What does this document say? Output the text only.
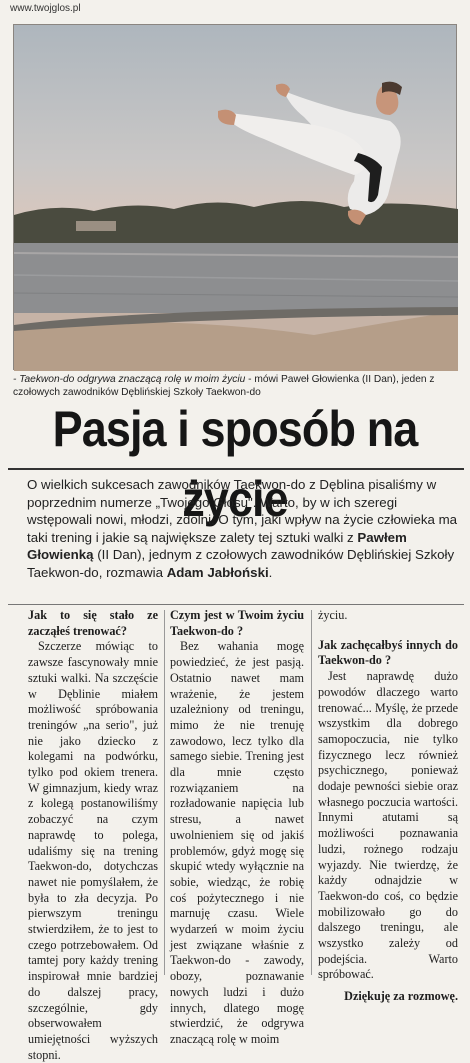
www.twojglos.pl
- Taekwon-do odgrywa znaczącą rolę w moim życiu - mówi Paweł Głowienka (II Dan), jeden z czołowych zawodników Dęblińskiej Szkoły Taekwon-do
Pasja i sposób na życie
O wielkich sukcesach zawodników Taekwon-do z Dęblina pisaliśmy w poprzednim numerze „Twojego Głosu". Warto, by w ich szeregi wstępowali nowi, młodzi, zdolni. O tym, jaki wpływ na życie człowieka ma taki trening i jakie są największe zalety tej sztuki walki z Pawłem Głowienką (II Dan), jednym z czołowych zawodników Dęblińskiej Szkoły Taekwon-do, rozmawia Adam Jabłoński.

Jak to się stało ze zacząłeś trenować?

Szczerze mówiąc to zawsze fascynowały mnie sztuki walki. Na szczęście w Dęblinie miałem możliwość spróbowania treningów „na serio", już nie jako dziecko z kolegami na podwórku, tylko pod okiem trenera. W gimnazjum, kiedy wraz z kolegą postanowiliśmy zobaczyć na czym naprawdę to polega, udaliśmy się na trening Taekwon-do, dotychczas nawet nie pomyślałem, że była to zła decyzja. Po pierwszym treningu stwierdziłem, że to jest to czego potrzebowałem. Od tamtej pory każdy trening inspirował mnie bardziej do dalszej pracy, szczególnie, gdy obserwowałem umiejętności wyższych stopni.

Czym jest w Twoim życiu Taekwon-do ?

Bez wahania mogę powiedzieć, że jest pasją. Ostatnio nawet mam wrażenie, że jestem uzależniony od treningu, mimo że nie trenuję zawodowo, lecz tylko dla samego siebie. Trening jest dla mnie często rozwiązaniem na rozładowanie napięcia lub stresu, a nawet uwolnieniem się od jakiś problemów, gdyż mogę się skupić wtedy wyłącznie na sobie, wiedząc, że robię coś pożytecznego i nie marnuję czasu. Wiele wydarzeń w moim życiu jest związane właśnie z Taekwon-do - zawody, obozy, poznawanie nowych ludzi i dużo innych, dlatego mogę stwierdzić, że odgrywa znaczącą rolę w moim

życiu.

Jak zachęcałbyś innych do Taekwon-do ?

Jest naprawdę dużo powodów dlaczego warto trenować... Myślę, że przede wszystkim dla dobrego samopoczucia, nie tylko fizycznego lecz również psychicznego, ponieważ dodaje pewności siebie oraz własnego poczucia wartości. Innymi atutami są możliwości poznawania ludzi, rożnego rodzaju wyjazdy. Nie twierdzę, że każdy odnajdzie w Taekwon-do coś, co będzie mobilizowało go do dalszego treningu, ale wszystko zależy od podejścia. Warto spróbować.

Dziękuję za rozmowę.
